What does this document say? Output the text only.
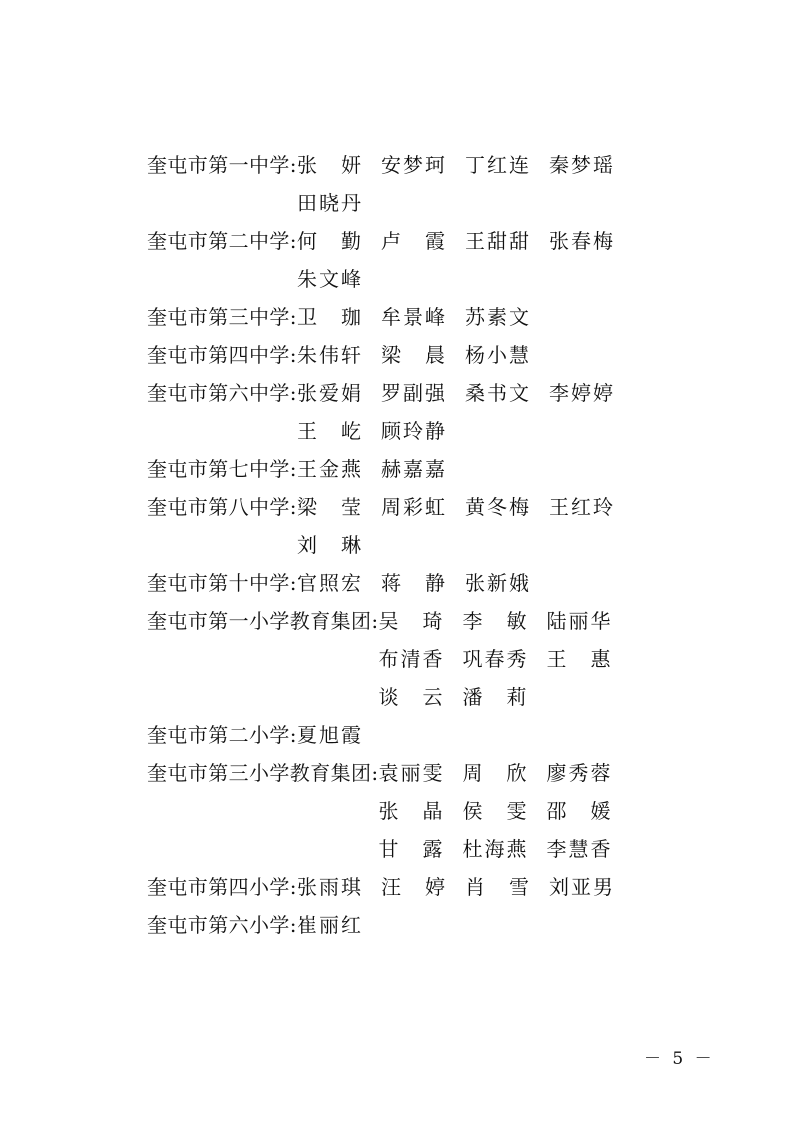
奎屯市第一中学: 张　妍 安梦珂 丁红连 秦梦瑶
田晓丹
奎屯市第二中学: 何　勤 卢　霞 王甜甜 张春梅
朱文峰
奎屯市第三中学: 卫　珈 牟景峰 苏素文
奎屯市第四中学: 朱伟轩 梁　晨 杨小慧
奎屯市第六中学: 张爱娟 罗副强 桑书文 李婷婷
王　屹 顾玲静
奎屯市第七中学: 王金燕 赫嘉嘉
奎屯市第八中学: 梁　莹 周彩虹 黄冬梅 王红玲
刘　琳
奎屯市第十中学: 官照宏 蒋　静 张新娥
奎屯市第一小学教育集团: 吴　琦 李　敏 陆丽华
布清香 巩春秀 王　惠
谈　云 潘　莉
奎屯市第二小学: 夏旭霞
奎屯市第三小学教育集团: 袁丽雯 周　欣 廖秀蓉
张　晶 侯　雯 邵　媛
甘　露 杜海燕 李慧香
奎屯市第四小学: 张雨琪 汪　婷 肖　雪 刘亚男
奎屯市第六小学: 崔丽红
－ 5 －
